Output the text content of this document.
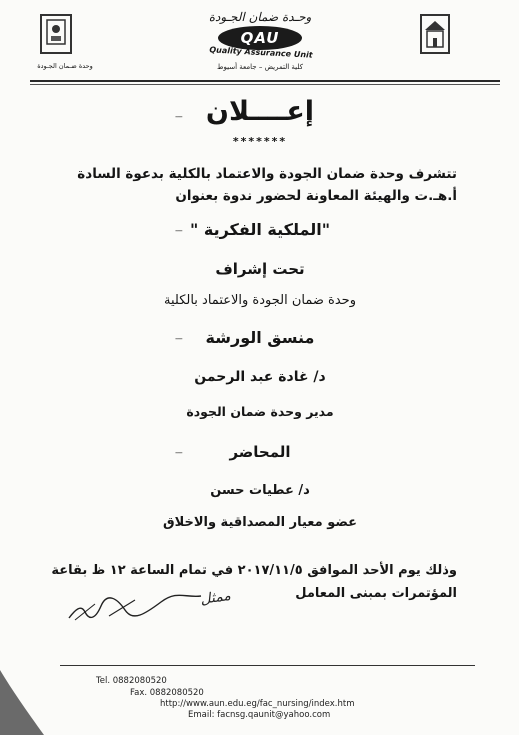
وحدة ضـمان الجـودة
وحـدة ضمان الجـودة
QAU
Quality Assurance Unit
كلية التمريض – جامعة أسيوط
إعــــلان
---
*******
تتشرف وحدة ضمان الجودة والاعتماد بالكلية بدعوة السادة
أ.هـ.ت والهيئة المعاونة لحضور ندوة بعنوان
"الملكية الفكرية "
---
تحت إشراف
وحدة ضمان الجودة والاعتماد بالكلية
منسق الورشة
---
د/ غادة عبد الرحمن
مدير وحدة ضمان الجودة
المحاضر
---
د/ عطيات حسن
عضو معيار المصداقية والاخلاق
وذلك يوم الأحد الموافق ٢٠١٧/١١/٥ في تمام الساعة ١٢ ظ بقاعة
المؤتمرات بمبنى المعامل
ممثل
Tel. 0882080520
Fax. 0882080520
http://www.aun.edu.eg/fac_nursing/index.htm
Email: facnsg.qaunit@yahoo.com
